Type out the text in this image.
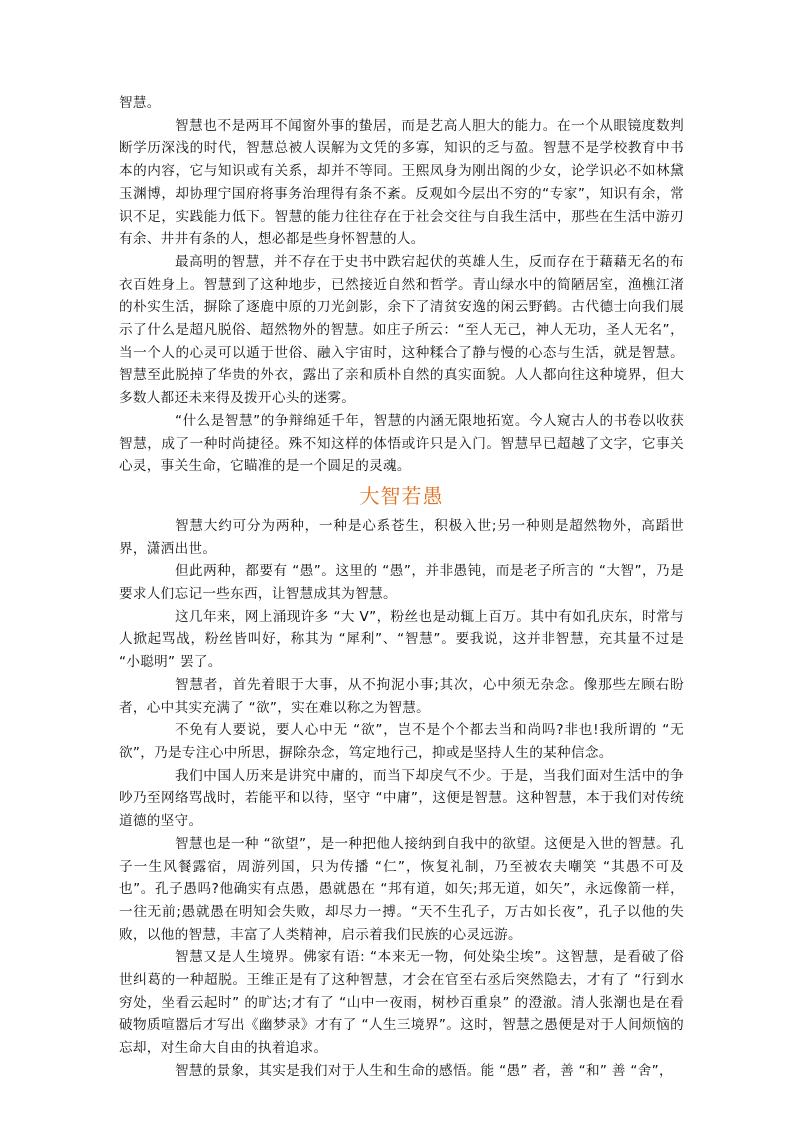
智慧。

智慧也不是两耳不闻窗外事的蛰居，而是艺高人胆大的能力。在一个从眼镜度数判断学历深浅的时代，智慧总被人误解为文凭的多寡，知识的乏与盈。智慧不是学校教育中书本的内容，它与知识或有关系，却并不等同。王熙凤身为刚出阁的少女，论学识必不如林黛玉渊博，却协理宁国府将事务治理得有条不紊。反观如今层出不穷的“专家”，知识有余，常识不足，实践能力低下。智慧的能力往往存在于社会交往与自我生活中，那些在生活中游刃有余、井井有条的人，想必都是些身怀智慧的人。

最高明的智慧，并不存在于史书中跌宕起伏的英雄人生，反而存在于藉藉无名的布衣百姓身上。智慧到了这种地步，已然接近自然和哲学。青山绿水中的简陋居室，渔樵江渚的朴实生活，摒除了逐鹿中原的刀光剑影，余下了清贫安逸的闲云野鹤。古代德士向我们展示了什么是超凡脱俗、超然物外的智慧。如庄子所云：“至人无己，神人无功，圣人无名”，当一个人的心灵可以遁于世俗、融入宇宙时，这种糅合了静与慢的心态与生活，就是智慧。智慧至此脱掉了华贵的外衣，露出了亲和质朴自然的真实面貌。人人都向往这种境界，但大多数人都还未来得及拨开心头的迷雾。

“什么是智慧”的争辩绵延千年，智慧的内涵无限地拓宽。今人窥古人的书卷以收获智慧，成了一种时尚捷径。殊不知这样的体悟或许只是入门。智慧早已超越了文字，它事关心灵，事关生命，它瞄准的是一个圆足的灵魂。

大智若愚

智慧大约可分为两种，一种是心系苍生，积极入世;另一种则是超然物外，高蹈世界，潇洒出世。

但此两种，都要有 “愚”。这里的 “愚”，并非愚钝，而是老子所言的 “大智”，乃是要求人们忘记一些东西，让智慧成其为智慧。

这几年来，网上涌现许多 “大 V”，粉丝也是动辄上百万。其中有如孔庆东，时常与人掀起骂战，粉丝皆叫好，称其为 “犀利”、“智慧”。要我说，这并非智慧，充其量不过是 “小聪明” 罢了。

智慧者，首先着眼于大事，从不拘泥小事;其次，心中须无杂念。像那些左顾右盼者，心中其实充满了 “欲”，实在难以称之为智慧。

不免有人要说，要人心中无 “欲”，岂不是个个都去当和尚吗?非也!我所谓的 “无欲”，乃是专注心中所思，摒除杂念，笃定地行己，抑或是坚持人生的某种信念。

我们中国人历来是讲究中庸的，而当下却戾气不少。于是，当我们面对生活中的争吵乃至网络骂战时，若能平和以待，坚守 “中庸”，这便是智慧。这种智慧，本于我们对传统道德的坚守。

智慧也是一种 “欲望”，是一种把他人接纳到自我中的欲望。这便是入世的智慧。孔子一生风餐露宿，周游列国，只为传播 “仁”，恢复礼制，乃至被农夫嘲笑 “其愚不可及也”。孔子愚吗?他确实有点愚，愚就愚在 “邦有道，如矢;邦无道，如矢”，永远像箭一样，一往无前;愚就愚在明知会失败，却尽力一搏。“天不生孔子，万古如长夜”，孔子以他的失败，以他的智慧，丰富了人类精神，启示着我们民族的心灵远游。

智慧又是人生境界。佛家有语: “本来无一物，何处染尘埃”。这智慧，是看破了俗世纠葛的一种超脱。王维正是有了这种智慧，才会在官至右丞后突然隐去，才有了 “行到水穷处，坐看云起时” 的旷达;才有了 “山中一夜雨，树杪百重泉” 的澄澈。清人张潮也是在看破物质喧嚣后才写出《幽梦录》才有了 “人生三境界”。这时，智慧之愚便是对于人间烦恼的忘却，对生命大自由的执着追求。

智慧的景象，其实是我们对于人生和生命的感悟。能 “愚” 者，善 “和” 善 “舍”，
